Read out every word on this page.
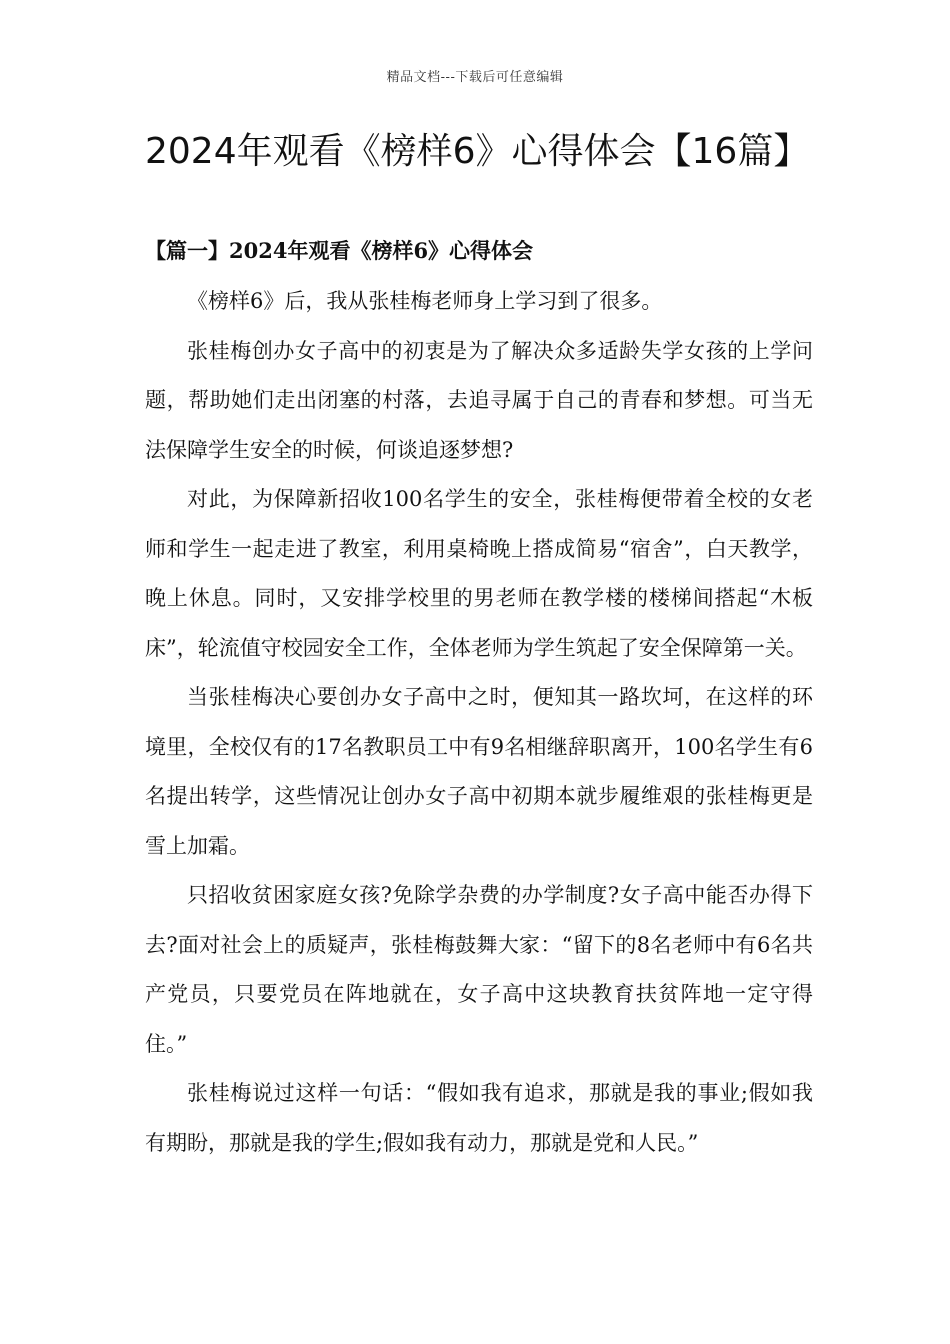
精品文档---下载后可任意编辑
2024年观看《榜样6》心得体会【16篇】
【篇一】2024年观看《榜样6》心得体会

《榜样6》后，我从张桂梅老师身上学习到了很多。

张桂梅创办女子高中的初衷是为了解决众多适龄失学女孩的上学问题，帮助她们走出闭塞的村落，去追寻属于自己的青春和梦想。可当无法保障学生安全的时候，何谈追逐梦想?

对此，为保障新招收100名学生的安全，张桂梅便带着全校的女老师和学生一起走进了教室，利用桌椅晚上搭成简易“宿舍”，白天教学，晚上休息。同时，又安排学校里的男老师在教学楼的楼梯间搭起“木板床”，轮流值守校园安全工作，全体老师为学生筑起了安全保障第一关。

当张桂梅决心要创办女子高中之时，便知其一路坎坷，在这样的环境里，全校仅有的17名教职员工中有9名相继辞职离开，100名学生有6名提出转学，这些情况让创办女子高中初期本就步履维艰的张桂梅更是雪上加霜。

只招收贫困家庭女孩?免除学杂费的办学制度?女子高中能否办得下去?面对社会上的质疑声，张桂梅鼓舞大家：“留下的8名老师中有6名共产党员，只要党员在阵地就在，女子高中这块教育扶贫阵地一定守得住。”

张桂梅说过这样一句话：“假如我有追求，那就是我的事业;假如我有期盼，那就是我的学生;假如我有动力，那就是党和人民。”
